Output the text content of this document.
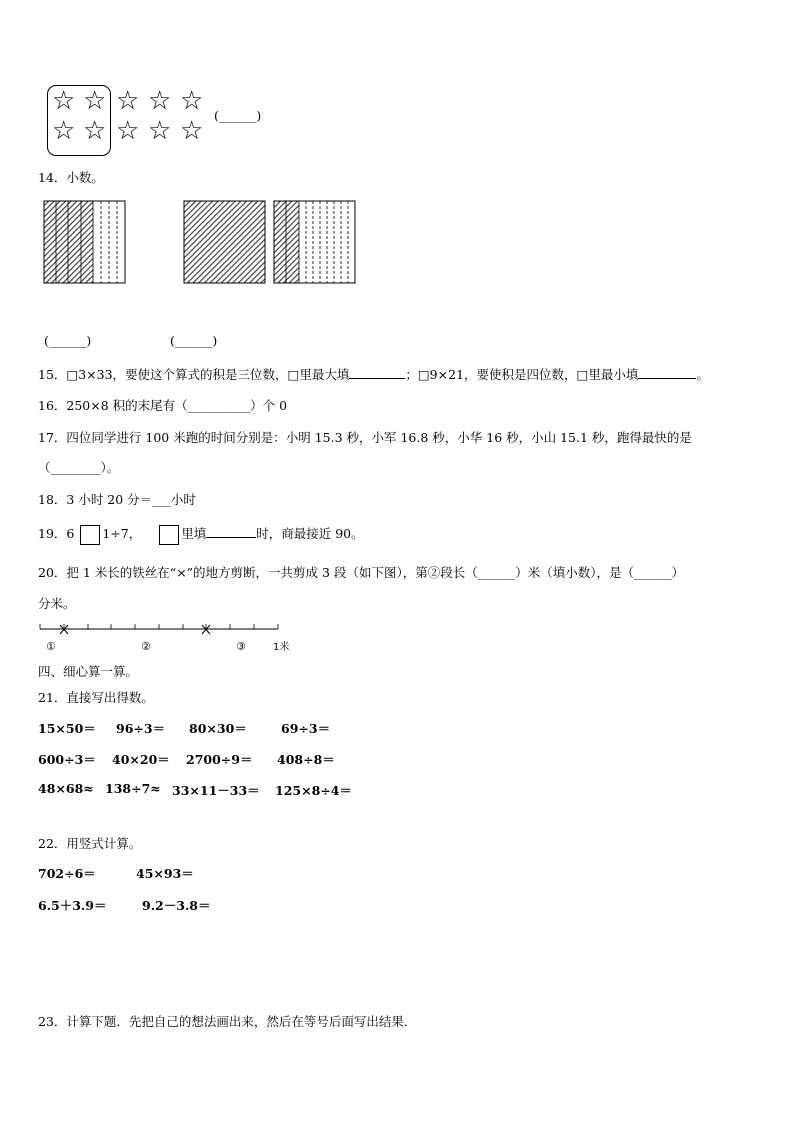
☆ ☆ ☆ ☆ ☆
☆ ☆ ☆ ☆ ☆
(______)
14．小数。
(______)	(______)
15．□3×33，要使这个算式的积是三位数，□里最大填	；□9×21，要使积是四位数，□里最小填	。
16．250×8 积的末尾有（__________）个 0
17．四位同学进行 100 米跑的时间分别是：小明 15.3 秒，小军 16.8 秒，小华 16 秒，小山 15.1 秒，跑得最快的是
（________）。
18．3 小时 20 分＝___小时
19．6 1÷7，	里填	时，商最接近 90。
20．把 1 米长的铁丝在“×”的地方剪断，一共剪成 3 段（如下图），第②段长（______）米（填小数），是（______）
分米。
①	②	③	1米
四、细心算一算。
21．直接写出得数。
15×50＝ 96÷3＝ 80×30＝	69÷3＝
600÷3＝ 40×20＝ 2700÷9＝ 408÷8＝
48×68≈ 138÷7≈ 33×11－33＝ 125×8÷4＝
22．用竖式计算。
702÷6＝	45×93＝
6.5＋3.9＝	9.2－3.8＝
23．计算下题．先把自己的想法画出来，然后在等号后面写出结果．
